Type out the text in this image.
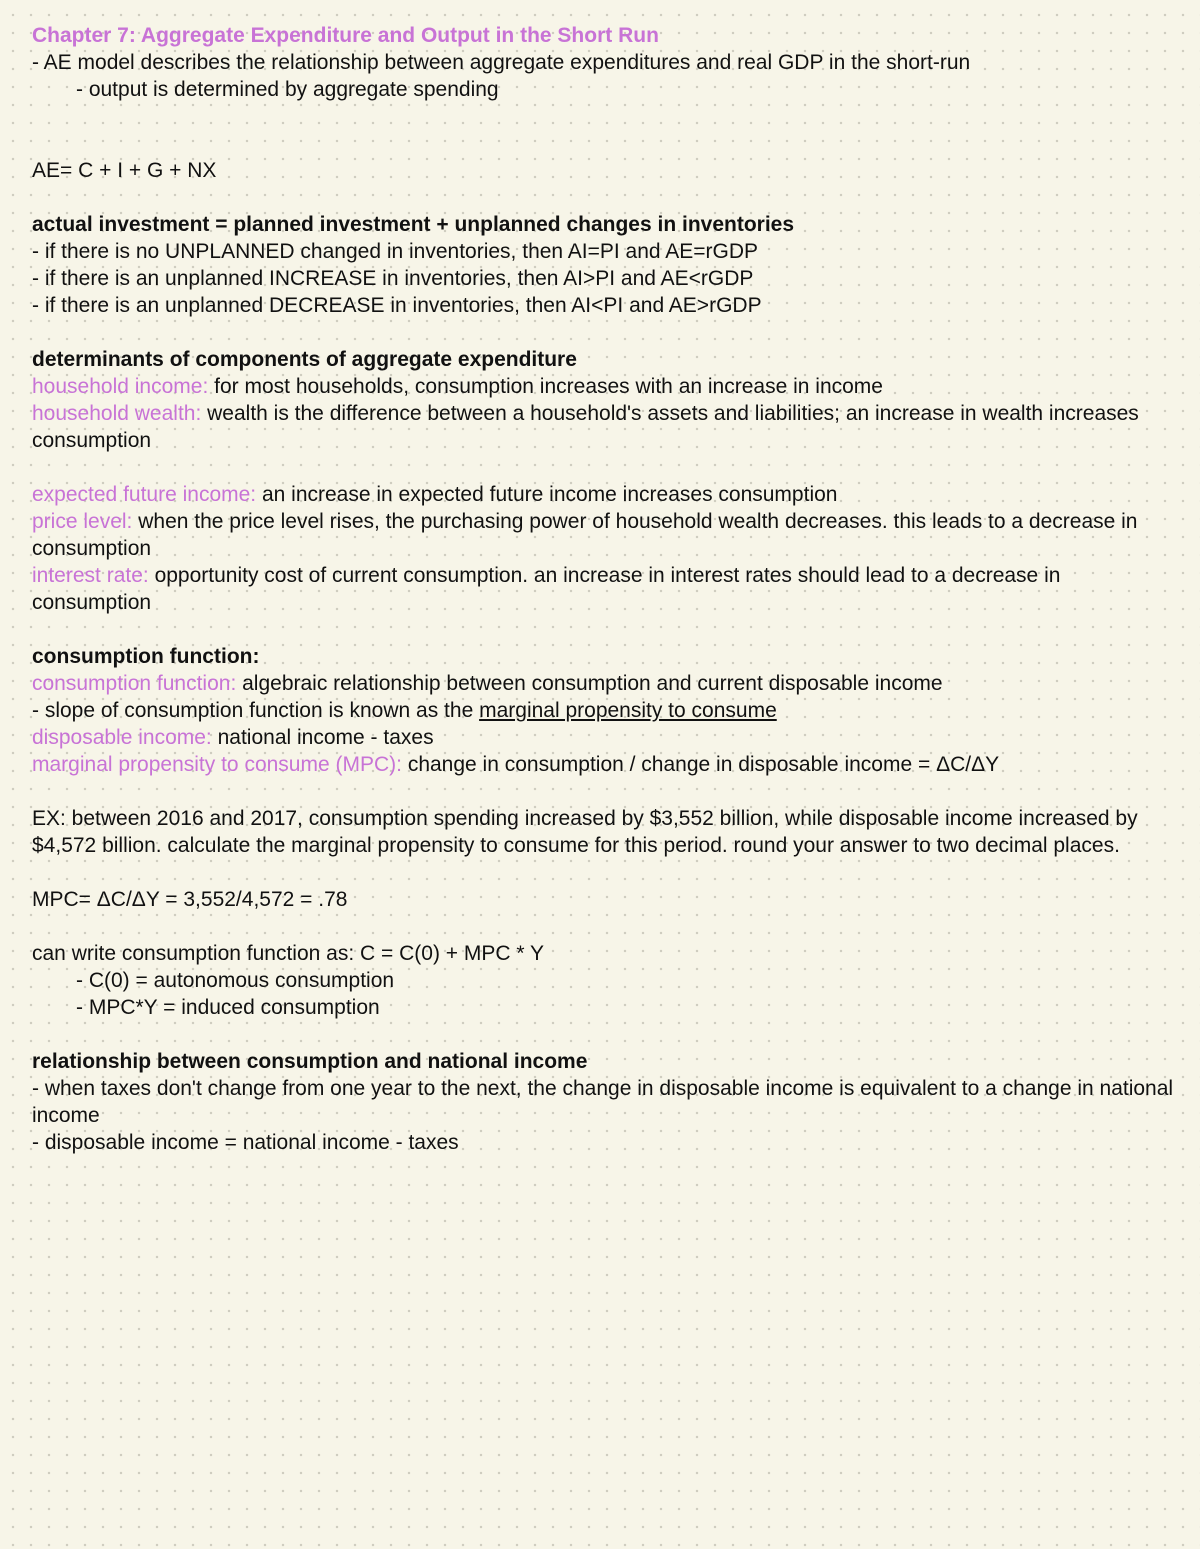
Chapter 7: Aggregate Expenditure and Output in the Short Run

- AE model describes the relationship between aggregate expenditures and real GDP in the short-run

- output is determined by aggregate spending

AE= C + I + G + NX

actual investment = planned investment + unplanned changes in inventories

- if there is no UNPLANNED changed in inventories, then AI=PI and AE=rGDP

- if there is an unplanned INCREASE in inventories, then AI>PI and AE<rGDP

- if there is an unplanned DECREASE in inventories, then AI<PI and AE>rGDP

determinants of components of aggregate expenditure

household income: for most households, consumption increases with an increase in income

household wealth: wealth is the difference between a household's assets and liabilities; an increase in wealth increases consumption

expected future income: an increase in expected future income increases consumption

price level: when the price level rises, the purchasing power of household wealth decreases. this leads to a decrease in consumption

interest rate: opportunity cost of current consumption. an increase in interest rates should lead to a decrease in consumption

consumption function:

consumption function: algebraic relationship between consumption and current disposable income

- slope of consumption function is known as the marginal propensity to consume

disposable income: national income - taxes

marginal propensity to consume (MPC): change in consumption / change in disposable income = ΔC/ΔY

EX: between 2016 and 2017, consumption spending increased by $3,552 billion, while disposable income increased by $4,572 billion. calculate the marginal propensity to consume for this period. round your answer to two decimal places.

MPC= ΔC/ΔY = 3,552/4,572 = .78

can write consumption function as: C = C(0) + MPC * Y

- C(0) = autonomous consumption

- MPC*Y = induced consumption

relationship between consumption and national income

- when taxes don't change from one year to the next, the change in disposable income is equivalent to a change in national income

- disposable income = national income - taxes
